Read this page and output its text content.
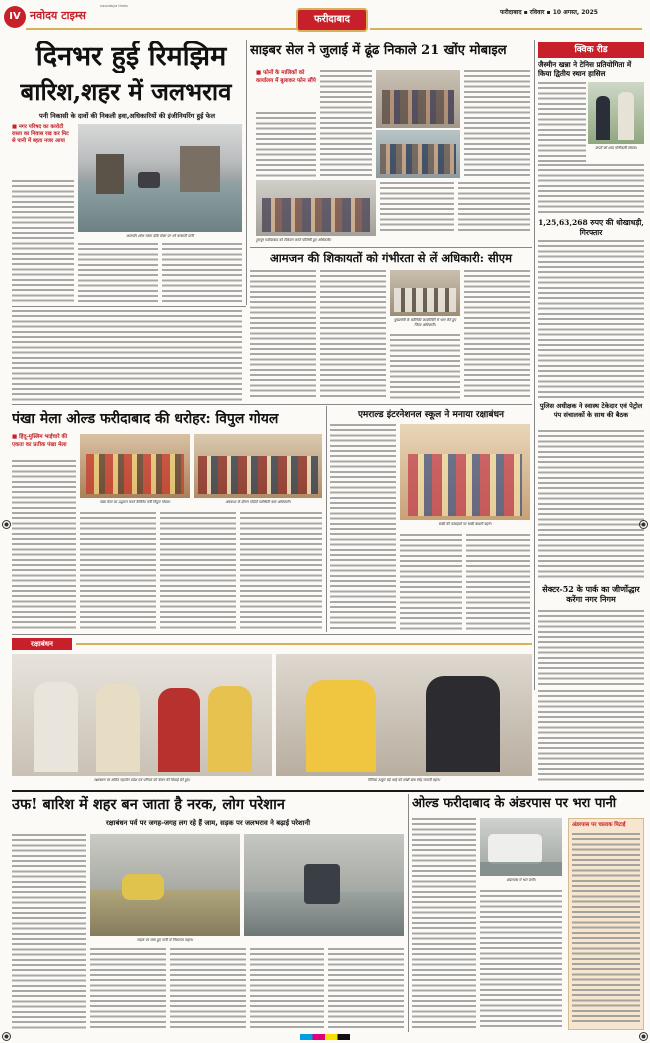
IV नवोदय टाइम्स
navodaya times
फरीदाबाद
फरीदाबाद ▪ रविवार ▪ 10 अगस्त, 2025
दिनभर हुई रिमझिम
बारिश,शहर में जलभराव
पनी निकासी के दावों की निकली हवा,अधिकारियों की इंजीनियरिंग हुई फेल
■ नगर परिषद का कारोटी रास्ता का निवास रख कर मिट से पानी में ब्हता नजर आया
आसपोर शोक रास्ता डोंके सेक्ट पर भरे बरसाती पानी
साइबर सेल ने जुलाई में ढूंढ निकाले 21 खोंए मोबाइल
■ फोनों के मालिकों को कार्यालय में बुलाकर फोन सौंपे
ट्रूसपुर फरीदाबाद को टीकेयन करते पोलिसी हुए अधिकारी।
क्विक रीड
जैस्मीन खन्ना ने टेनिस प्रतियोगिता में किया द्वितीय स्थान हासिल
कप्तो फो शब्द पोनीकारी संघाब।
1,25,63,268 रुपए की धोखाधड़ी, गिरफ्तार
पुलिस अधीक्षक ने स्वास्थ टेकेदार एवं पेट्रोल पंप संचालकों के साथ की बैठक
सेक्टर-52 के पार्क का जीर्णोद्धार करेंगा नगर निगम
आमजन की शिकायतों को गंभीरता से लें अधिकारी: सीएम
मुख्यमंत्री के कोलिकी कार्यालिति में भाग लेते हुए जिला अधिकारी।
पंखा मेला ओल्ड फरीदाबाद की धरोहर: विपुल गोयल
■ हिंदू-मुस्लिम भाईचारे की एकता का प्रतीक पंखा मेला
पंखा मेला का उद्घाटन करते कैबिनेट मंत्री विपुल गोयल।	अवकाश के दौरान पदियों परस्थिती वाल अधिकारी।
एमराल्ड इंटरनेशनल स्कूल ने मनाया रक्षाबंधन
राखी की कलाइयों पर राखी बांधती बहनें।
रक्षाबंधन
रक्षाबंधन पर अमित गहलोत प्रदेश एवं परिवार को केसर की मिठाई देते हुए।	रितिका ठाकुर बड़े भाई को राखी बांध स्नेह जताती बहन।
उफ! बारिश में शहर बन जाता है नरक, लोग परेशान
रक्षाबंधन पर्व पर जगह-जगह लग रहे हैं जाम, सड़क पर जलभराव ने बढ़ाई परेशानी
सड़क पर जमा हुए पानी से निकलता वाहन।
ओल्ड फरीदाबाद के अंडरपास पर भरा पानी
अंडरपास में भरा पानी।
अंडरपास पर चालाक पिटाई
